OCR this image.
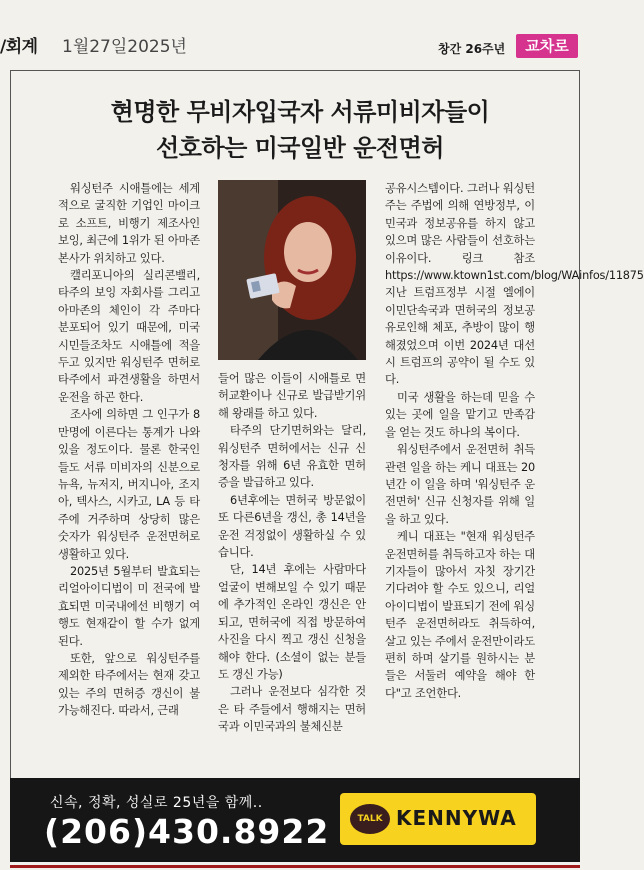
/회계 1월27일2025년	창간 26주년	교차로
현명한 무비자입국자 서류미비자들이
선호하는 미국일반 운전면허

워싱턴주 시애틀에는 세계적으로 굴직한 기업인 마이크로 소프트, 비행기 제조사인 보잉, 최근에 1위가 된 아마존 본사가 위치하고 있다.

캘리포니아의 실리콘밸리, 타주의 보잉 자회사를 그리고 아마존의 체인이 각 주마다 분포되어 있기 때문에, 미국 시민들조차도 시애틀에 적을 두고 있지만 워싱턴주 면허로 타주에서 파견생활을 하면서 운전을 하곤 한다.

조사에 의하면 그 인구가 8만명에 이른다는 통계가 나와 있을 정도이다. 물론 한국인들도 서류 미비자의 신분으로 뉴욕, 뉴저지, 버지니아, 조지아, 텍사스, 시카고, LA 등 타주에 거주하며 상당히 많은 숫자가 워싱턴주 운전면허로 생활하고 있다.

2025년 5월부터 발효되는 리얼아이디법이 미 전국에 발효되면 미국내에선 비행기 여행도 현재같이 할 수가 없게 된다.

또한, 앞으로 워싱턴주를 제외한 타주에서는 현재 갖고 있는 주의 면허증 갱신이 불가능해진다. 따라서, 근래

들어 많은 이들이 시애틀로 면허교환이나 신규로 발급받기위해 왕래를 하고 있다.

타주의 단기면허와는 달리, 워싱턴주 면허에서는 신규 신청자를 위해 6년 유효한 면허증을 발급하고 있다.

6년후에는 면허국 방문없이 또 다른6년을 갱신, 총 14년을 운전 걱정없이 생활하실 수 있습니다.

단, 14년 후에는 사람마다 얼굴이 변해보일 수 있기 때문에 추가적인 온라인 갱신은 안되고, 면허국에 직접 방문하여 사진을 다시 찍고 갱신 신청을 해야 한다. (소셜이 없는 분들도 갱신 가능)

그러나 운전보다 심각한 것은 타 주들에서 행해지는 면허국과 이민국과의 불체신분

공유시스템이다. 그러나 워싱턴주는 주법에 의해 연방정부, 이민국과 정보공유를 하지 않고 있으며 많은 사람들이 선호하는 이유이다. 링크 참조 https://www.ktown1st.com/blog/WAinfos/11875 지난 트럼프정부 시절 엘에이 이민단속국과 면허국의 정보공유로인해 체포, 추방이 많이 행해졌었으며 이번 2024년 대선시 트럼프의 공약이 될 수도 있다.

미국 생활을 하는데 믿을 수 있는 곳에 일을 맡기고 만족감을 얻는 것도 하나의 복이다.

워싱턴주에서 운전면허 취득관련 일을 하는 케니 대표는 20년간 이 일을 하며 '워싱턴주 운전면허' 신규 신청자를 위해 일을 하고 있다.

케니 대표는 "현재 워싱턴주 운전면허를 취득하고자 하는 대기자들이 많아서 자칫 장기간 기다려야 할 수도 있으니, 리얼아이디법이 발표되기 전에 워싱턴주 운전면허라도 취득하여, 살고 있는 주에서 운전만이라도 편히 하며 살기를 원하시는 분들은 서둘러 예약을 해야 한다"고 조언한다.

신속, 정확, 성실로 25년을 함께..
(206)430.8922	TALK KENNYWA
